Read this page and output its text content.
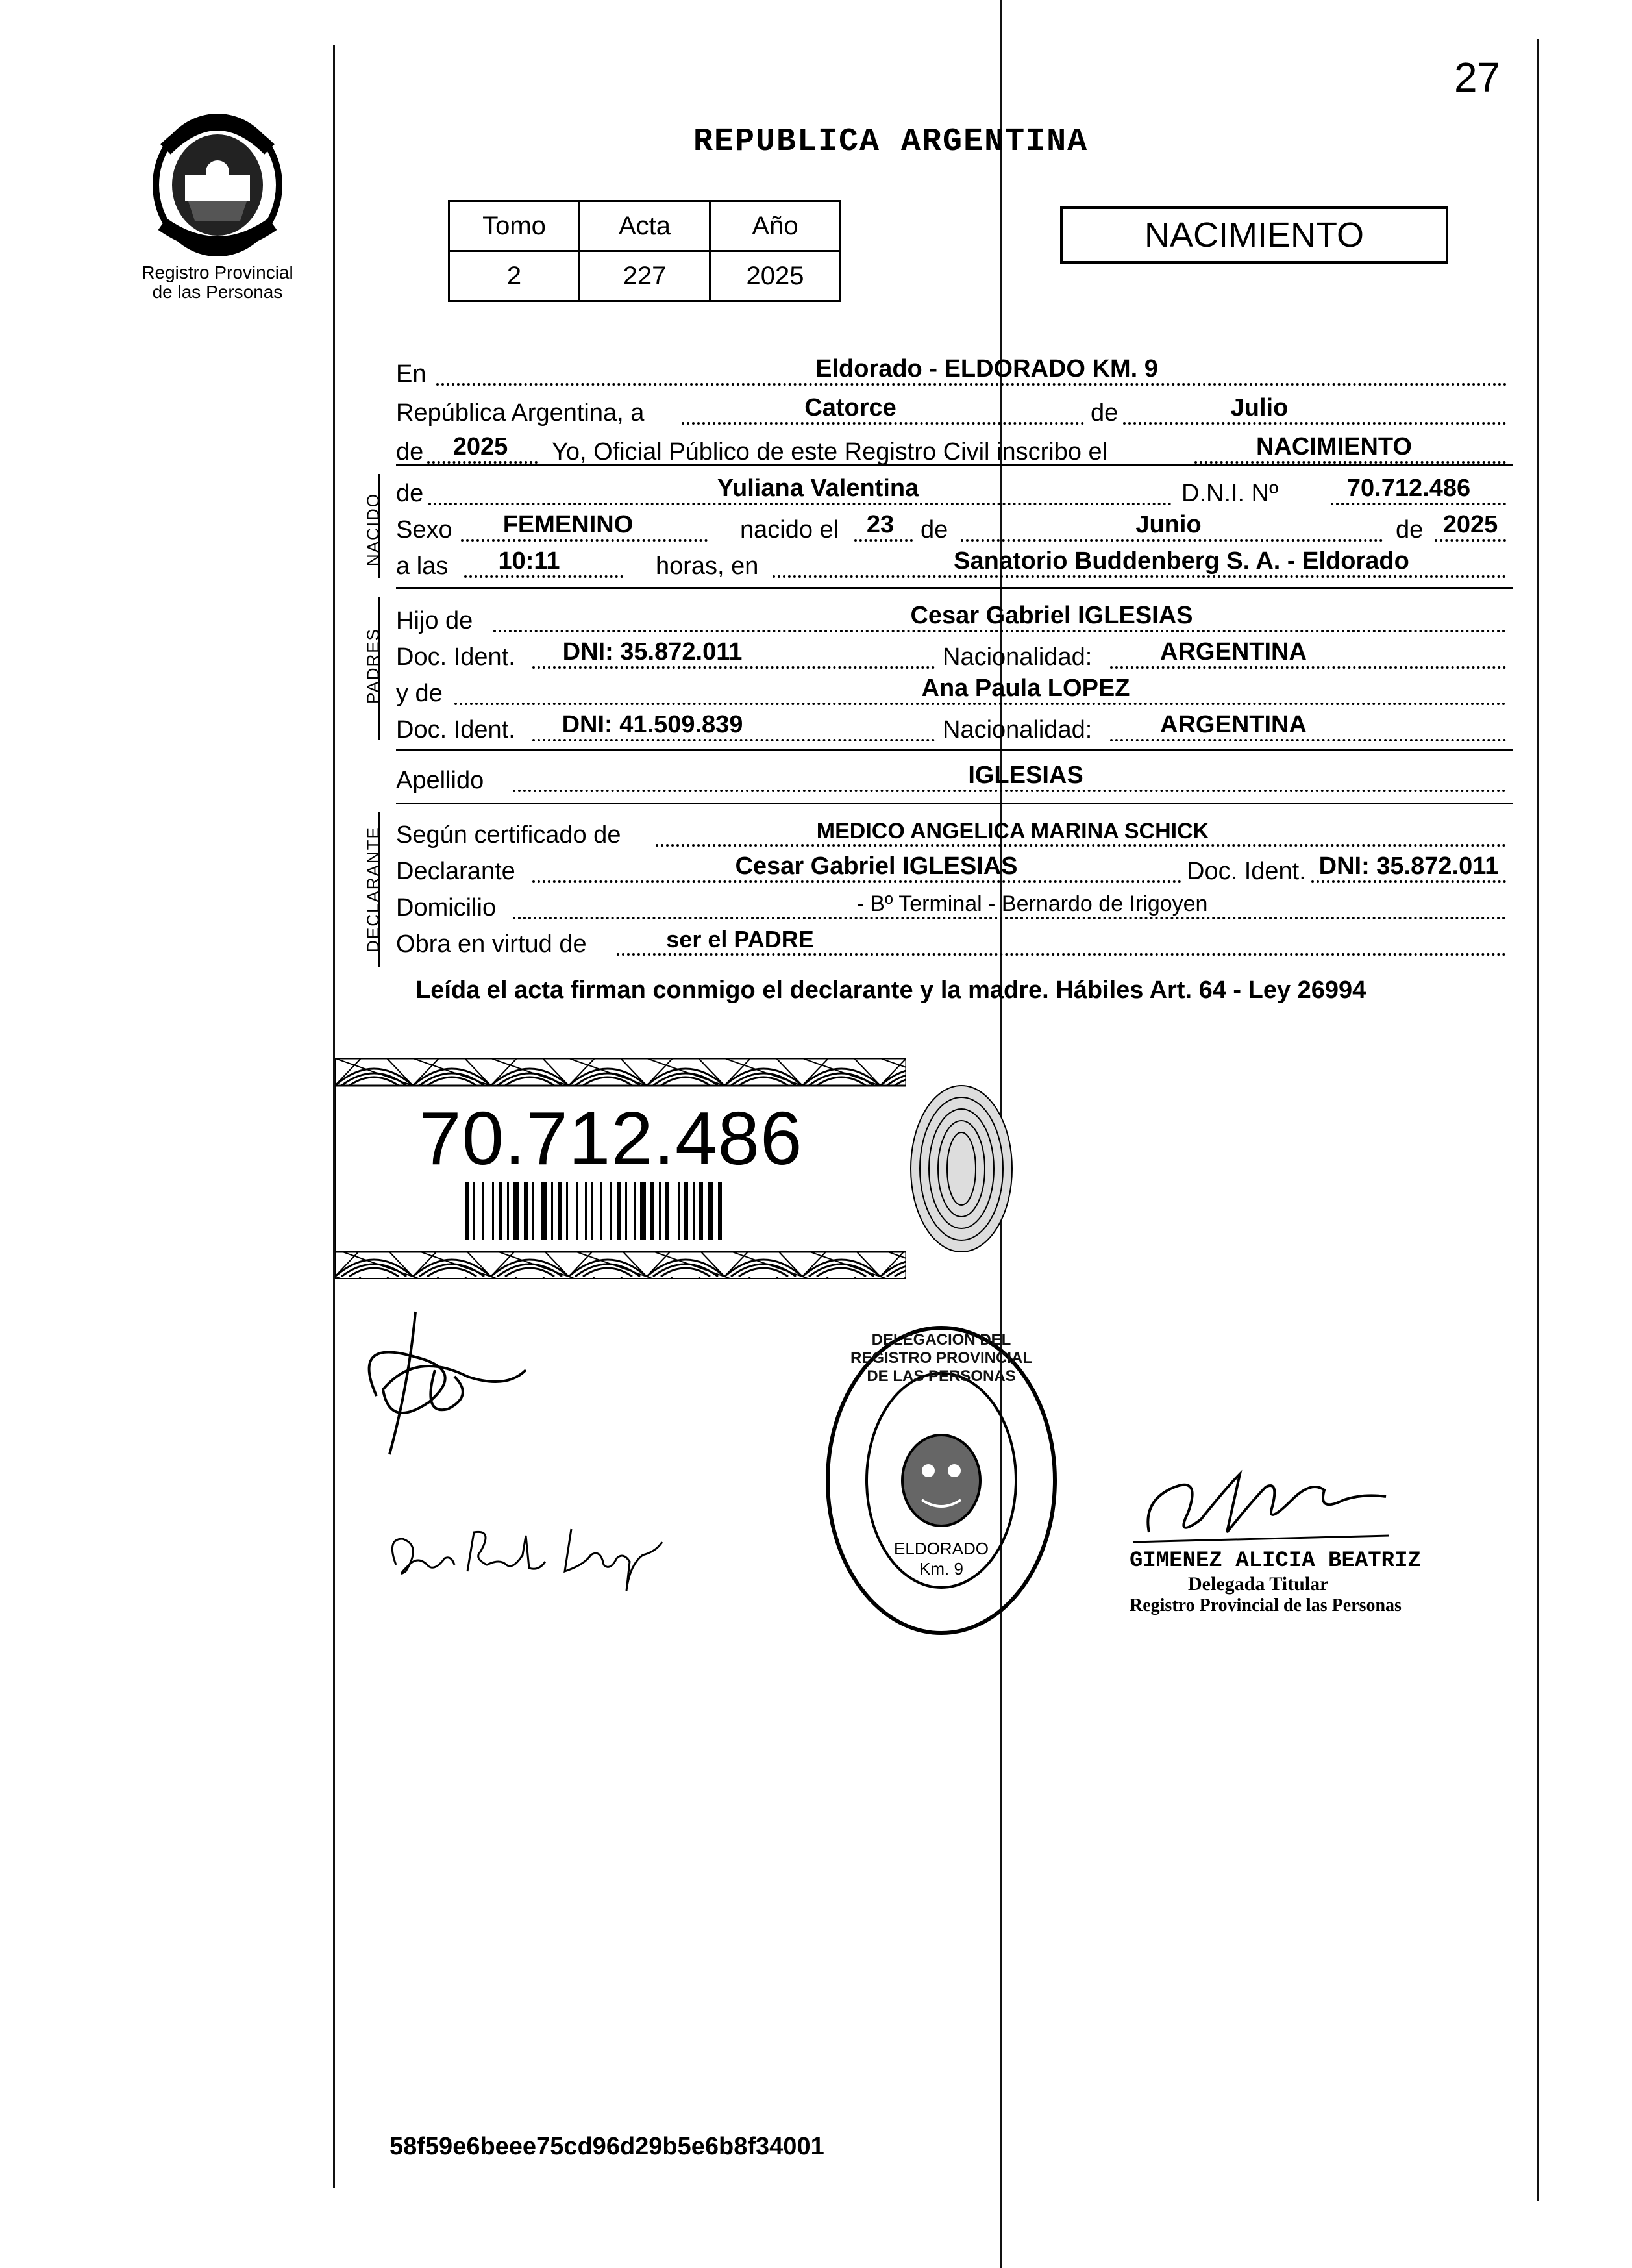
27
Registro Provincial
de las Personas
REPUBLICA ARGENTINA
Tomo	Acta	Año
2	227	2025
NACIMIENTO
En	Eldorado - ELDORADO KM. 9
República Argentina, a	Catorce	de	Julio
de	2025	Yo, Oficial Público de este Registro Civil inscribo el	NACIMIENTO
NACIDO de	Yuliana Valentina	D.N.I. Nº	70.712.486
Sexo	FEMENINO	nacido el	23	de	Junio	de 2025
a las	10:11	horas, en	Sanatorio Buddenberg S. A. - Eldorado
PADRES
Hijo de	Cesar Gabriel IGLESIAS
Doc. Ident.	DNI: 35.872.011	Nacionalidad:	ARGENTINA
y de	Ana Paula LOPEZ
Doc. Ident.	DNI: 41.509.839	Nacionalidad:	ARGENTINA
Apellido	IGLESIAS
DECLARANTE Según certificado de	MEDICO ANGELICA MARINA SCHICK
Declarante	Cesar Gabriel IGLESIAS	Doc. Ident. DNI: 35.872.011
Domicilio	- Bº Terminal - Bernardo de Irigoyen
Obra en virtud de	ser el PADRE
Leída el acta firman conmigo el declarante y la madre. Hábiles Art. 64 - Ley 26994
70.712.486
DELEGACION DEL REGISTRO PROVINCIAL DE LAS PERSONAS
ELDORADO Km. 9	GIMENEZ ALICIA BEATRIZ
Delegada Titular
Registro Provincial de las Personas
58f59e6beee75cd96d29b5e6b8f34001
